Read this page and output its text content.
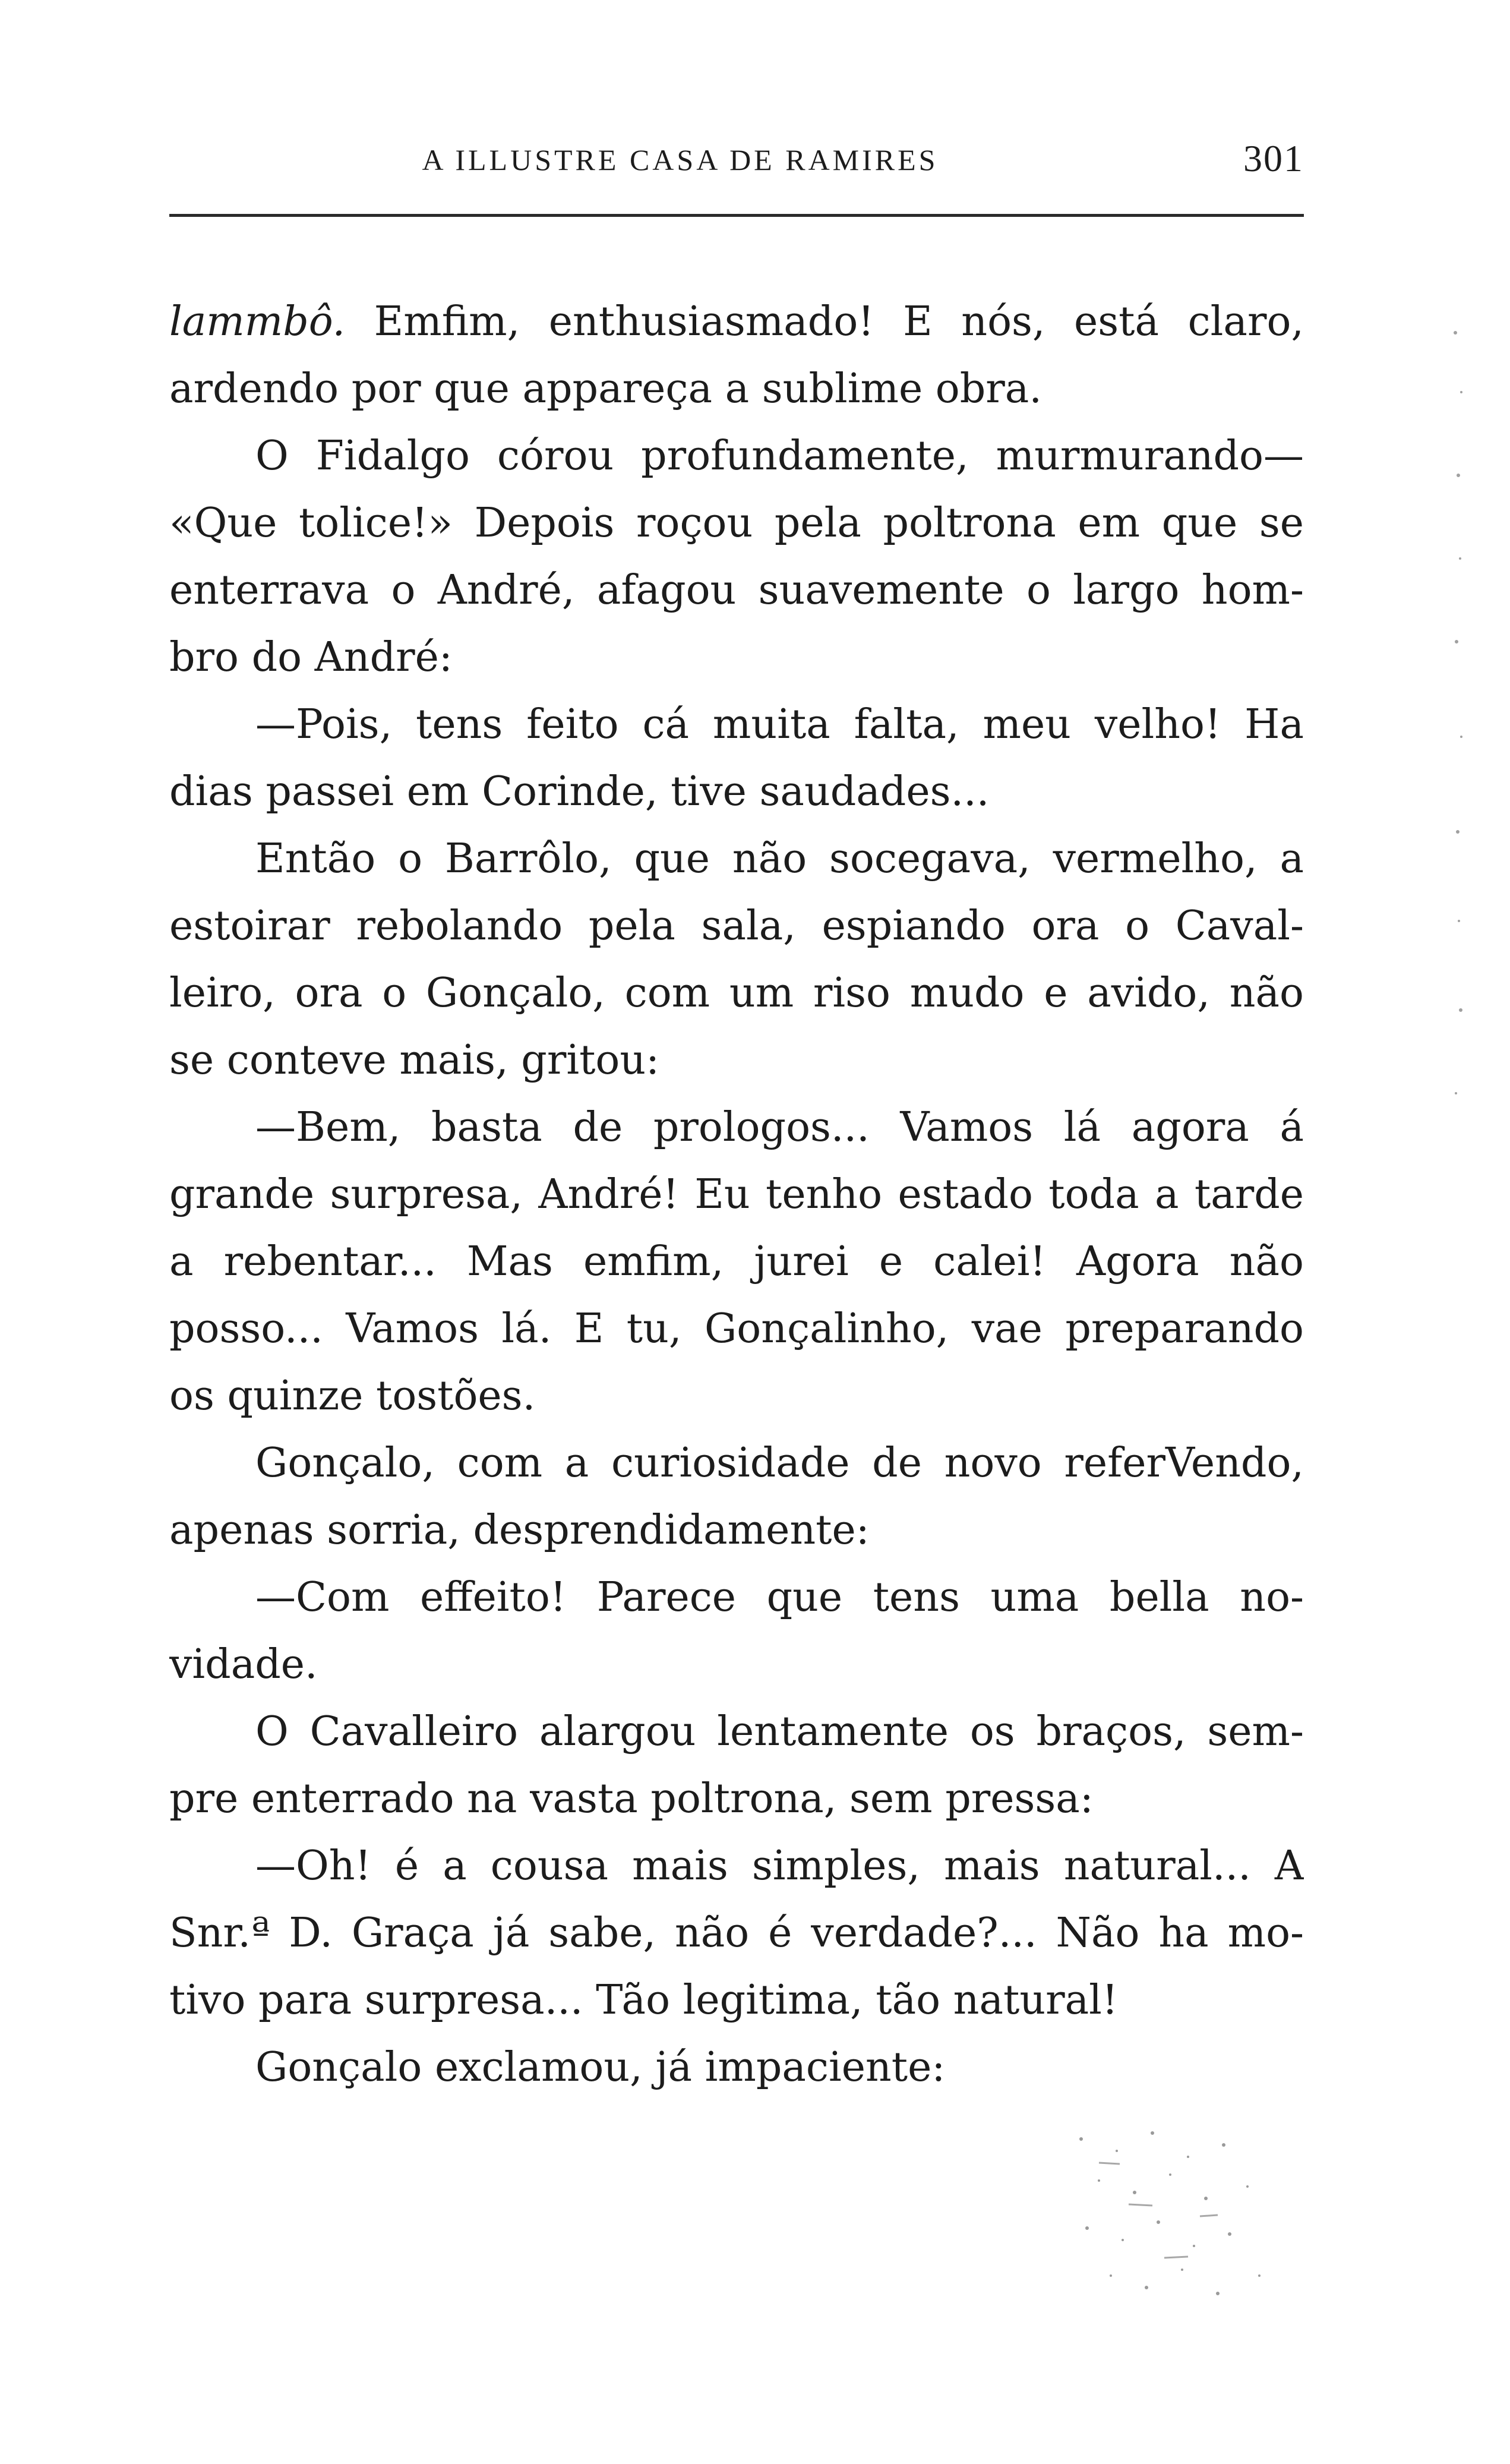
A ILLUSTRE CASA DE RAMIRES	301
lammbô. Emfim, enthusiasmado! E nós, está claro,
ardendo por que appareça a sublime obra.
O Fidalgo córou profundamente, murmurando—
«Que tolice!» Depois roçou pela poltrona em que se
enterrava o André, afagou suavemente o largo hom-
bro do André:
—Pois, tens feito cá muita falta, meu velho! Ha
dias passei em Corinde, tive saudades...
Então o Barrôlo, que não socegava, vermelho, a
estoirar rebolando pela sala, espiando ora o Caval-
leiro, ora o Gonçalo, com um riso mudo e avido, não
se conteve mais, gritou:
—Bem, basta de prologos... Vamos lá agora á
grande surpresa, André! Eu tenho estado toda a tarde
a rebentar... Mas emfim, jurei e calei! Agora não
posso... Vamos lá. E tu, Gonçalinho, vae preparando
os quinze tostões.
Gonçalo, com a curiosidade de novo referVendo,
apenas sorria, desprendidamente:
—Com effeito! Parece que tens uma bella no-
vidade.
O Cavalleiro alargou lentamente os braços, sem-
pre enterrado na vasta poltrona, sem pressa:
—Oh! é a cousa mais simples, mais natural... A
Snr.ª D. Graça já sabe, não é verdade?... Não ha mo-
tivo para surpresa... Tão legitima, tão natural!
Gonçalo exclamou, já impaciente:
